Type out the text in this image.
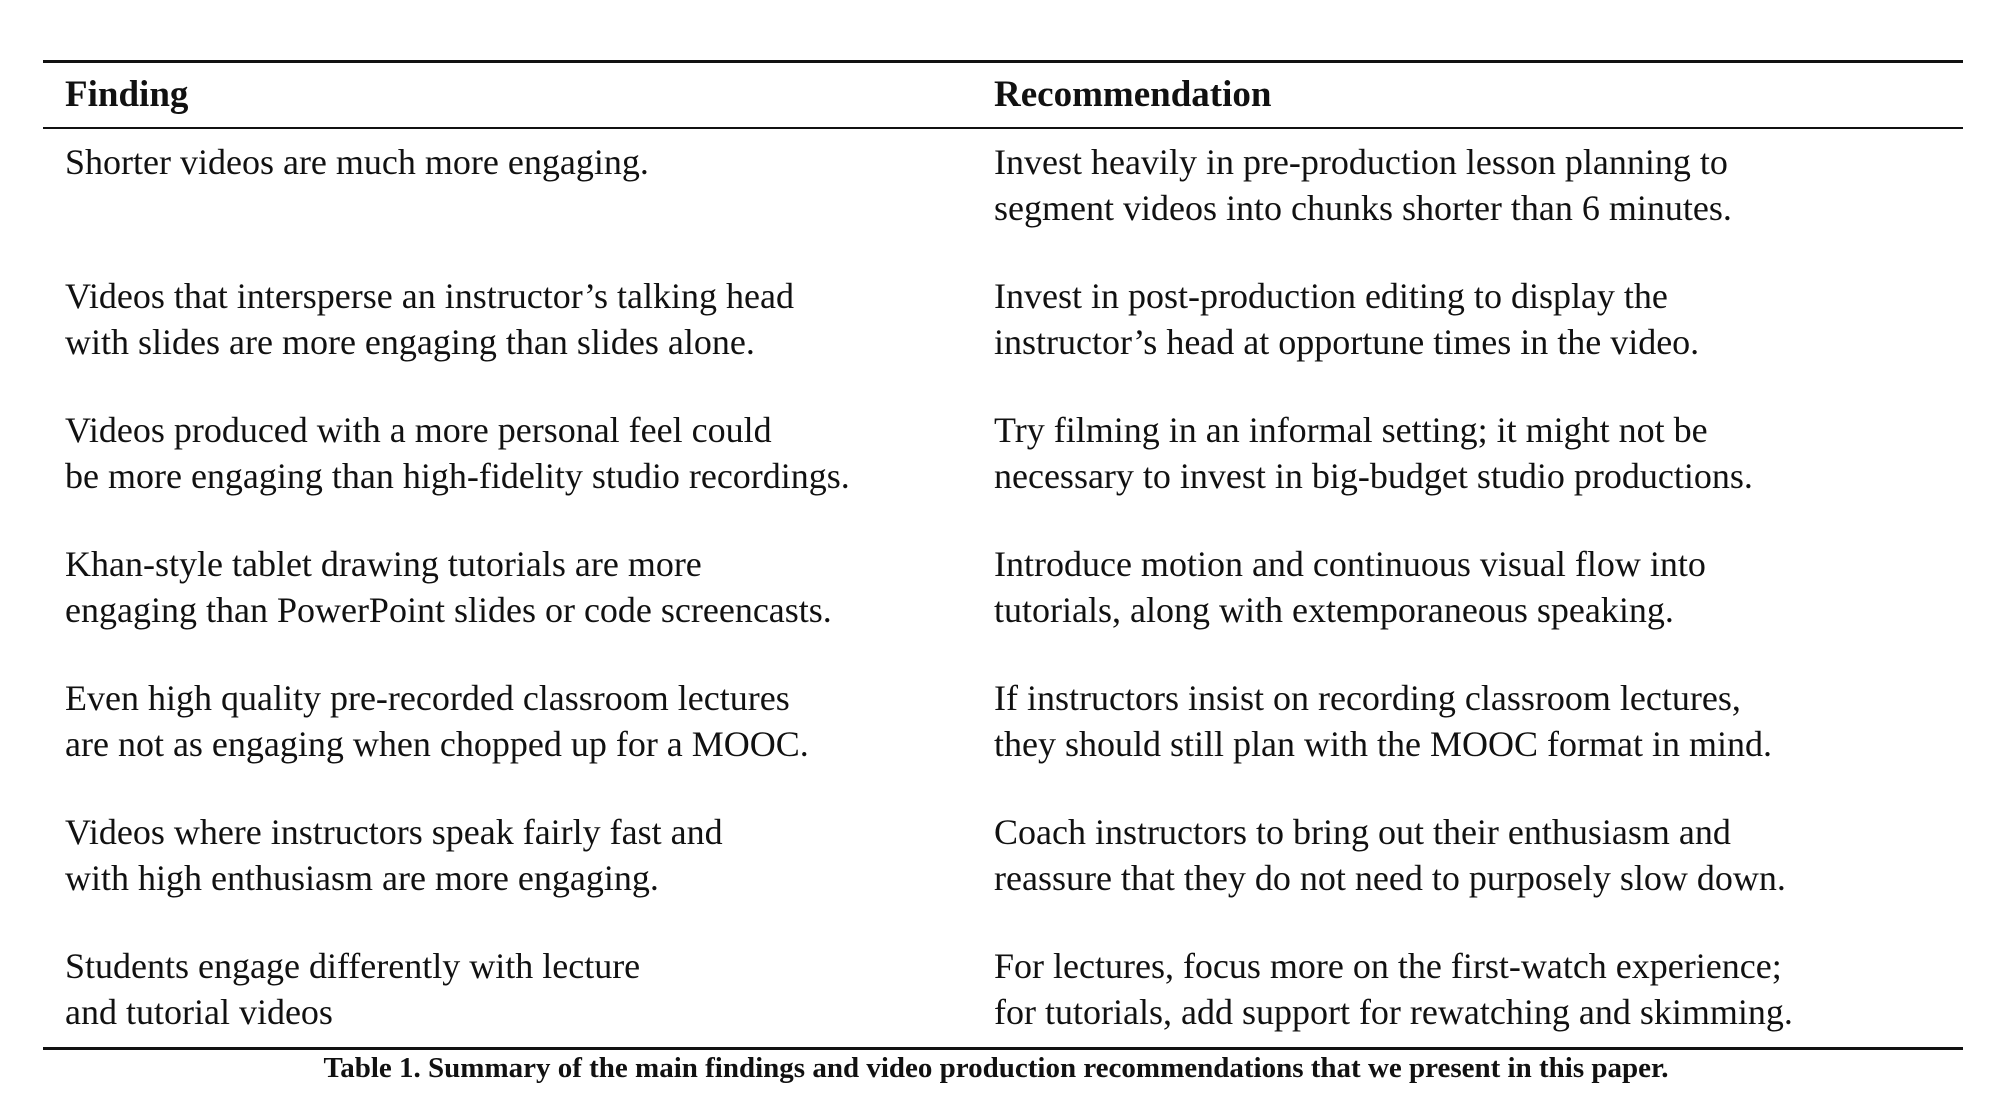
Finding	Recommendation
Shorter videos are much more engaging.	Invest heavily in pre-production lesson planning to
segment videos into chunks shorter than 6 minutes.
Videos that intersperse an instructor’s talking head
with slides are more engaging than slides alone.
Invest in post-production editing to display the
instructor’s head at opportune times in the video.
Videos produced with a more personal feel could
be more engaging than high-fidelity studio recordings.
Try filming in an informal setting; it might not be
necessary to invest in big-budget studio productions.
Khan-style tablet drawing tutorials are more
engaging than PowerPoint slides or code screencasts.
Introduce motion and continuous visual flow into
tutorials, along with extemporaneous speaking.
Even high quality pre-recorded classroom lectures
are not as engaging when chopped up for a MOOC.
If instructors insist on recording classroom lectures,
they should still plan with the MOOC format in mind.
Videos where instructors speak fairly fast and
with high enthusiasm are more engaging.
Coach instructors to bring out their enthusiasm and
reassure that they do not need to purposely slow down.
Students engage differently with lecture
and tutorial videos
For lectures, focus more on the first-watch experience;
for tutorials, add support for rewatching and skimming.
Table 1. Summary of the main findings and video production recommendations that we present in this paper.
